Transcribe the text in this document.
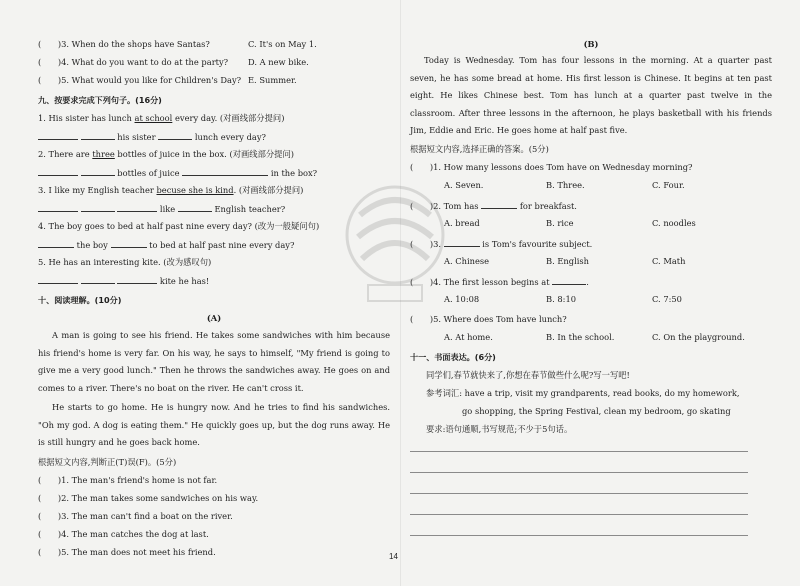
(　　)3. When do the shops have Santas?	C. It's on May 1.
(　　)4. What do you want to do at the party?	D. A new bike.
(　　)5. What would you like for Children's Day? E. Summer.
九、按要求完成下列句子。(16分)
1. His sister has lunch at school every day. (对画线部分提问)
his sister	lunch every day?
2. There are three bottles of juice in the box. (对画线部分提问)
bottles of juice	in the box?
3. I like my English teacher becuse she is kind. (对画线部分提问)
like	English teacher?
4. The boy goes to bed at half past nine every day? (改为一般疑问句)
the boy	to bed at half past nine every day?
5. He has an interesting kite. (改为感叹句)
kite he has!
十、阅读理解。(10分)
(A)
A man is going to see his friend. He takes some sandwiches with him because his friend's home is very far. On his way, he says to himself, "My friend is going to give me a very good lunch." Then he throws the sandwiches away. He goes on and comes to a river. There's no boat on the river. He can't cross it.
He starts to go home. He is hungry now. And he tries to find his sandwiches. "Oh my god. A dog is eating them." He quickly goes up, but the dog runs away. He is still hungry and he goes back home.
根据短文内容,判断正(T)误(F)。(5分)
(　　)1. The man's friend's home is not far.
(　　)2. The man takes some sandwiches on his way.
(　　)3. The man can't find a boat on the river.
(　　)4. The man catches the dog at last.
(　　)5. The man does not meet his friend.
(B)
Today is Wednesday. Tom has four lessons in the morning. At a quarter past seven, he has some bread at home. His first lesson is Chinese. It begins at ten past eight. He likes Chinese best. Tom has lunch at a quarter past twelve in the classroom. After three lessons in the afternoon, he plays basketball with his friends Jim, Eddie and Eric. He goes home at half past five.
根据短文内容,选择正确的答案。(5分)
(　　)1. How many lessons does Tom have on Wednesday morning?
A. Seven.	B. Three.	C. Four.
(　　)2. Tom has	for breakfast.
A. bread	B. rice	C. noodles
(　　)3.	is Tom's favourite subject.
A. Chinese	B. English	C. Math
(　　)4. The first lesson begins at	.
A. 10:08	B. 8:10	C. 7:50
(　　)5. Where does Tom have lunch?
A. At home.	B. In the school.	C. On the playground.
十一、书面表达。(6分)
同学们,春节就快来了,你想在春节做些什么呢?写一写吧!
参考词汇: have a trip, visit my grandparents, read books, do my homework,
go shopping, the Spring Festival, clean my bedroom, go skating
要求:语句通顺,书写规范;不少于5句话。
14
